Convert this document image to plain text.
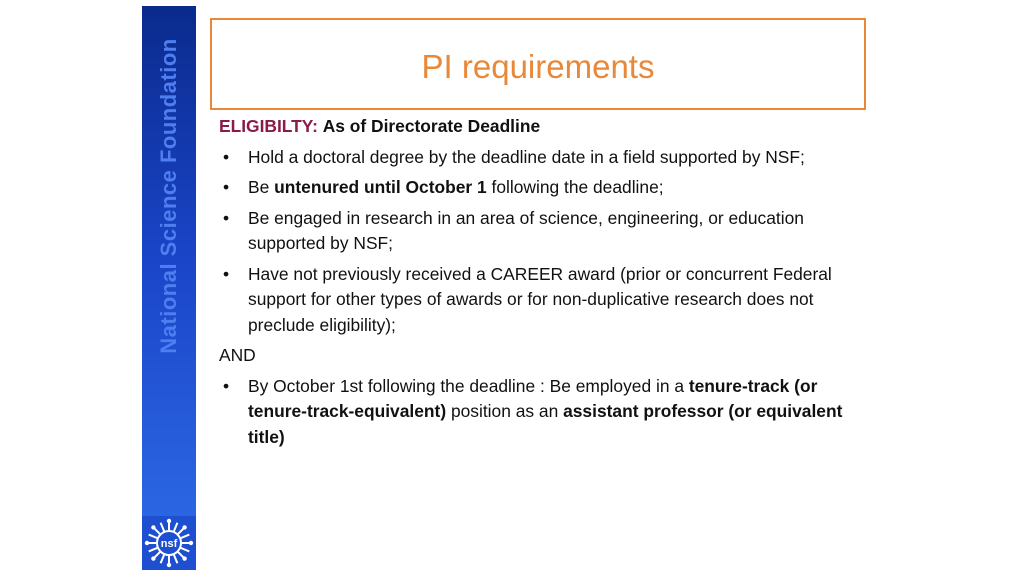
National Science Foundation
nsf
PI requirements
ELIGIBILTY: As of Directorate Deadline
• Hold a doctoral degree by the deadline date in a field supported by NSF;
• Be untenured until October 1 following the deadline;
• Be engaged in research in an area of science, engineering, or education supported by NSF;
• Have not previously received a CAREER award (prior or concurrent Federal support for other types of awards or for non-duplicative research does not preclude eligibility);
AND
• By October 1st following the deadline : Be employed in a tenure-track (or tenure-track-equivalent) position as an assistant professor (or equivalent title)
